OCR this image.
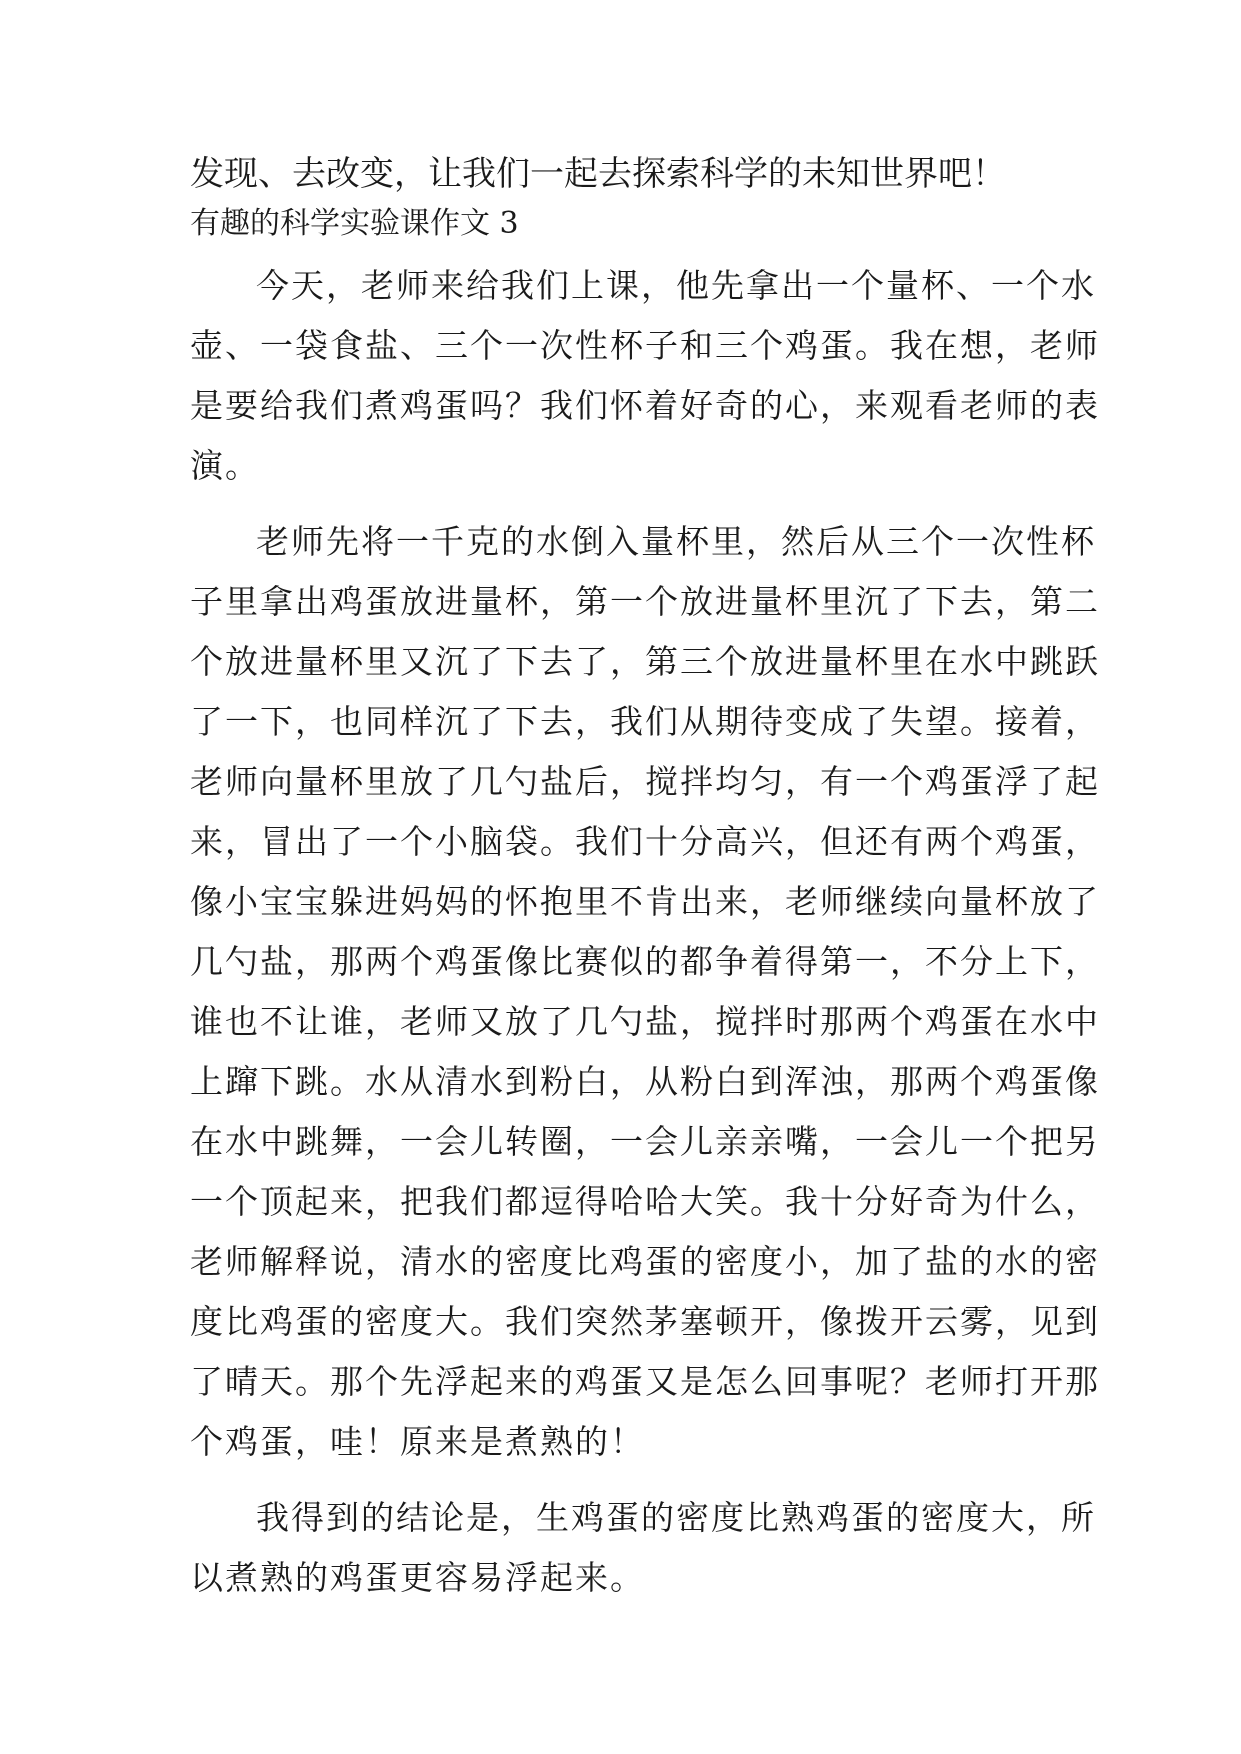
发现、去改变，让我们一起去探索科学的未知世界吧！
有趣的科学实验课作文 3
今天，老师来给我们上课，他先拿出一个量杯、一个水
壶、一袋食盐、三个一次性杯子和三个鸡蛋。我在想，老师
是要给我们煮鸡蛋吗？我们怀着好奇的心，来观看老师的表
演。
老师先将一千克的水倒入量杯里，然后从三个一次性杯
子里拿出鸡蛋放进量杯，第一个放进量杯里沉了下去，第二
个放进量杯里又沉了下去了，第三个放进量杯里在水中跳跃
了一下，也同样沉了下去，我们从期待变成了失望。接着，
老师向量杯里放了几勺盐后，搅拌均匀，有一个鸡蛋浮了起
来，冒出了一个小脑袋。我们十分高兴，但还有两个鸡蛋，
像小宝宝躲进妈妈的怀抱里不肯出来，老师继续向量杯放了
几勺盐，那两个鸡蛋像比赛似的都争着得第一，不分上下，
谁也不让谁，老师又放了几勺盐，搅拌时那两个鸡蛋在水中
上蹿下跳。水从清水到粉白，从粉白到浑浊，那两个鸡蛋像
在水中跳舞，一会儿转圈，一会儿亲亲嘴，一会儿一个把另
一个顶起来，把我们都逗得哈哈大笑。我十分好奇为什么，
老师解释说，清水的密度比鸡蛋的密度小，加了盐的水的密
度比鸡蛋的密度大。我们突然茅塞顿开，像拨开云雾，见到
了晴天。那个先浮起来的鸡蛋又是怎么回事呢？老师打开那
个鸡蛋，哇！原来是煮熟的！
我得到的结论是，生鸡蛋的密度比熟鸡蛋的密度大，所
以煮熟的鸡蛋更容易浮起来。
